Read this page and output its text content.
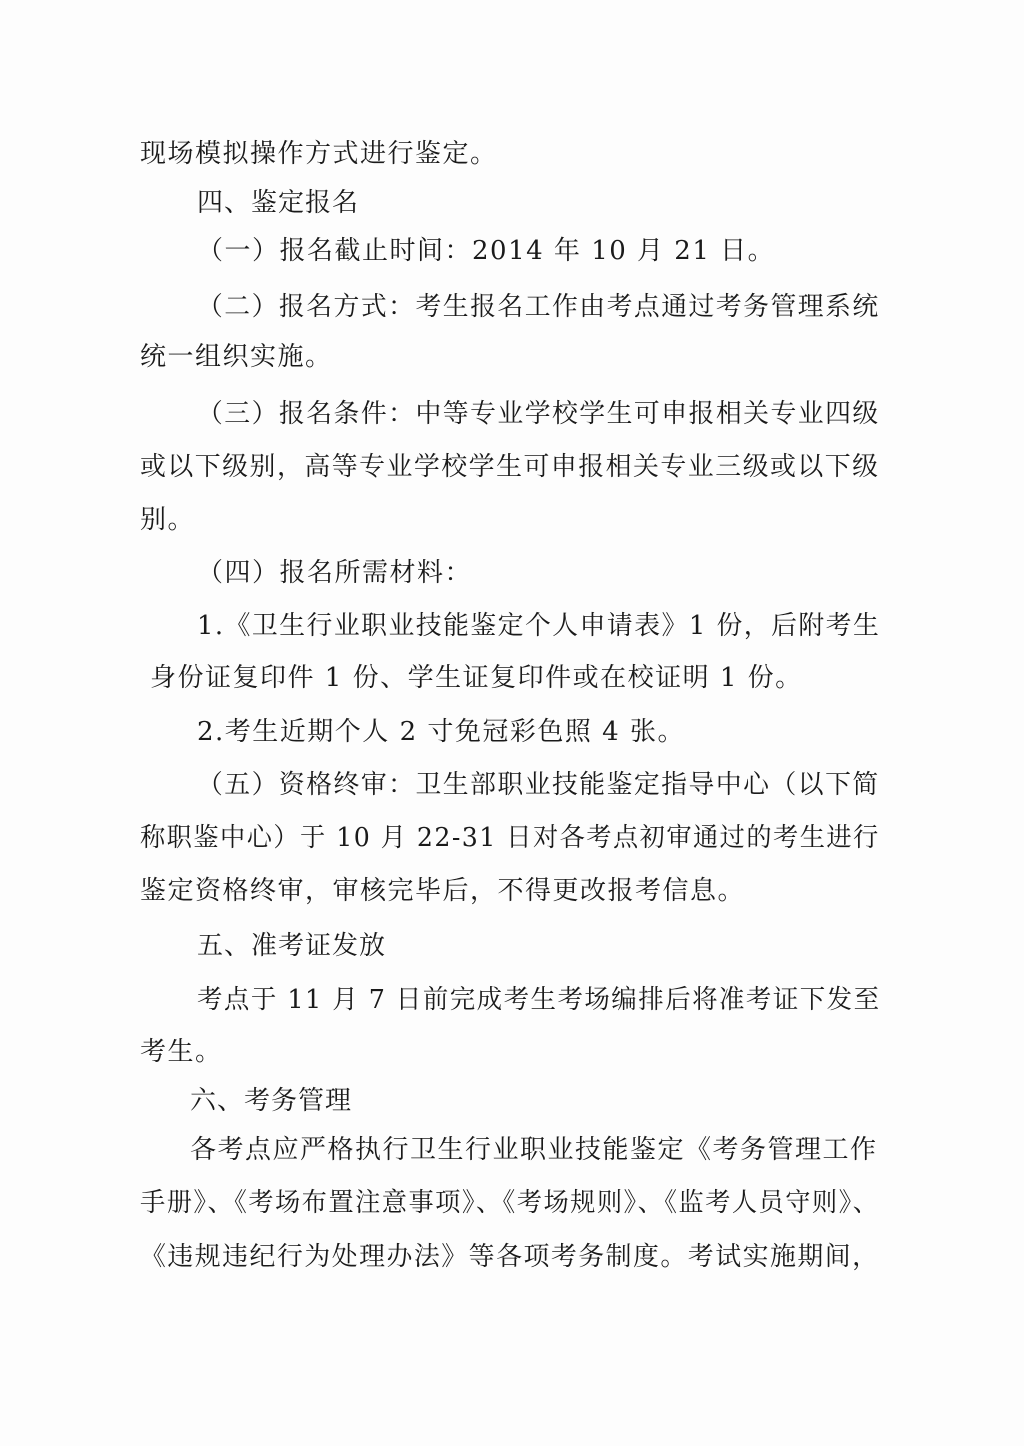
现场模拟操作方式进行鉴定。
四、鉴定报名
（一）报名截止时间：2014 年 10 月 21 日。
（二）报名方式：考生报名工作由考点通过考务管理系统
统一组织实施。
（三）报名条件：中等专业学校学生可申报相关专业四级
或以下级别，高等专业学校学生可申报相关专业三级或以下级
别。
（四）报名所需材料：
1.《卫生行业职业技能鉴定个人申请表》1 份，后附考生
身份证复印件 1 份、学生证复印件或在校证明 1 份。
2.考生近期个人 2 寸免冠彩色照 4 张。
（五）资格终审：卫生部职业技能鉴定指导中心（以下简
称职鉴中心）于 10 月 22-31 日对各考点初审通过的考生进行
鉴定资格终审，审核完毕后，不得更改报考信息。
五、准考证发放
考点于 11 月 7 日前完成考生考场编排后将准考证下发至
考生。
六、考务管理
各考点应严格执行卫生行业职业技能鉴定《考务管理工作
手册》、《考场布置注意事项》、《考场规则》、《监考人员守则》、
《违规违纪行为处理办法》等各项考务制度。考试实施期间，
